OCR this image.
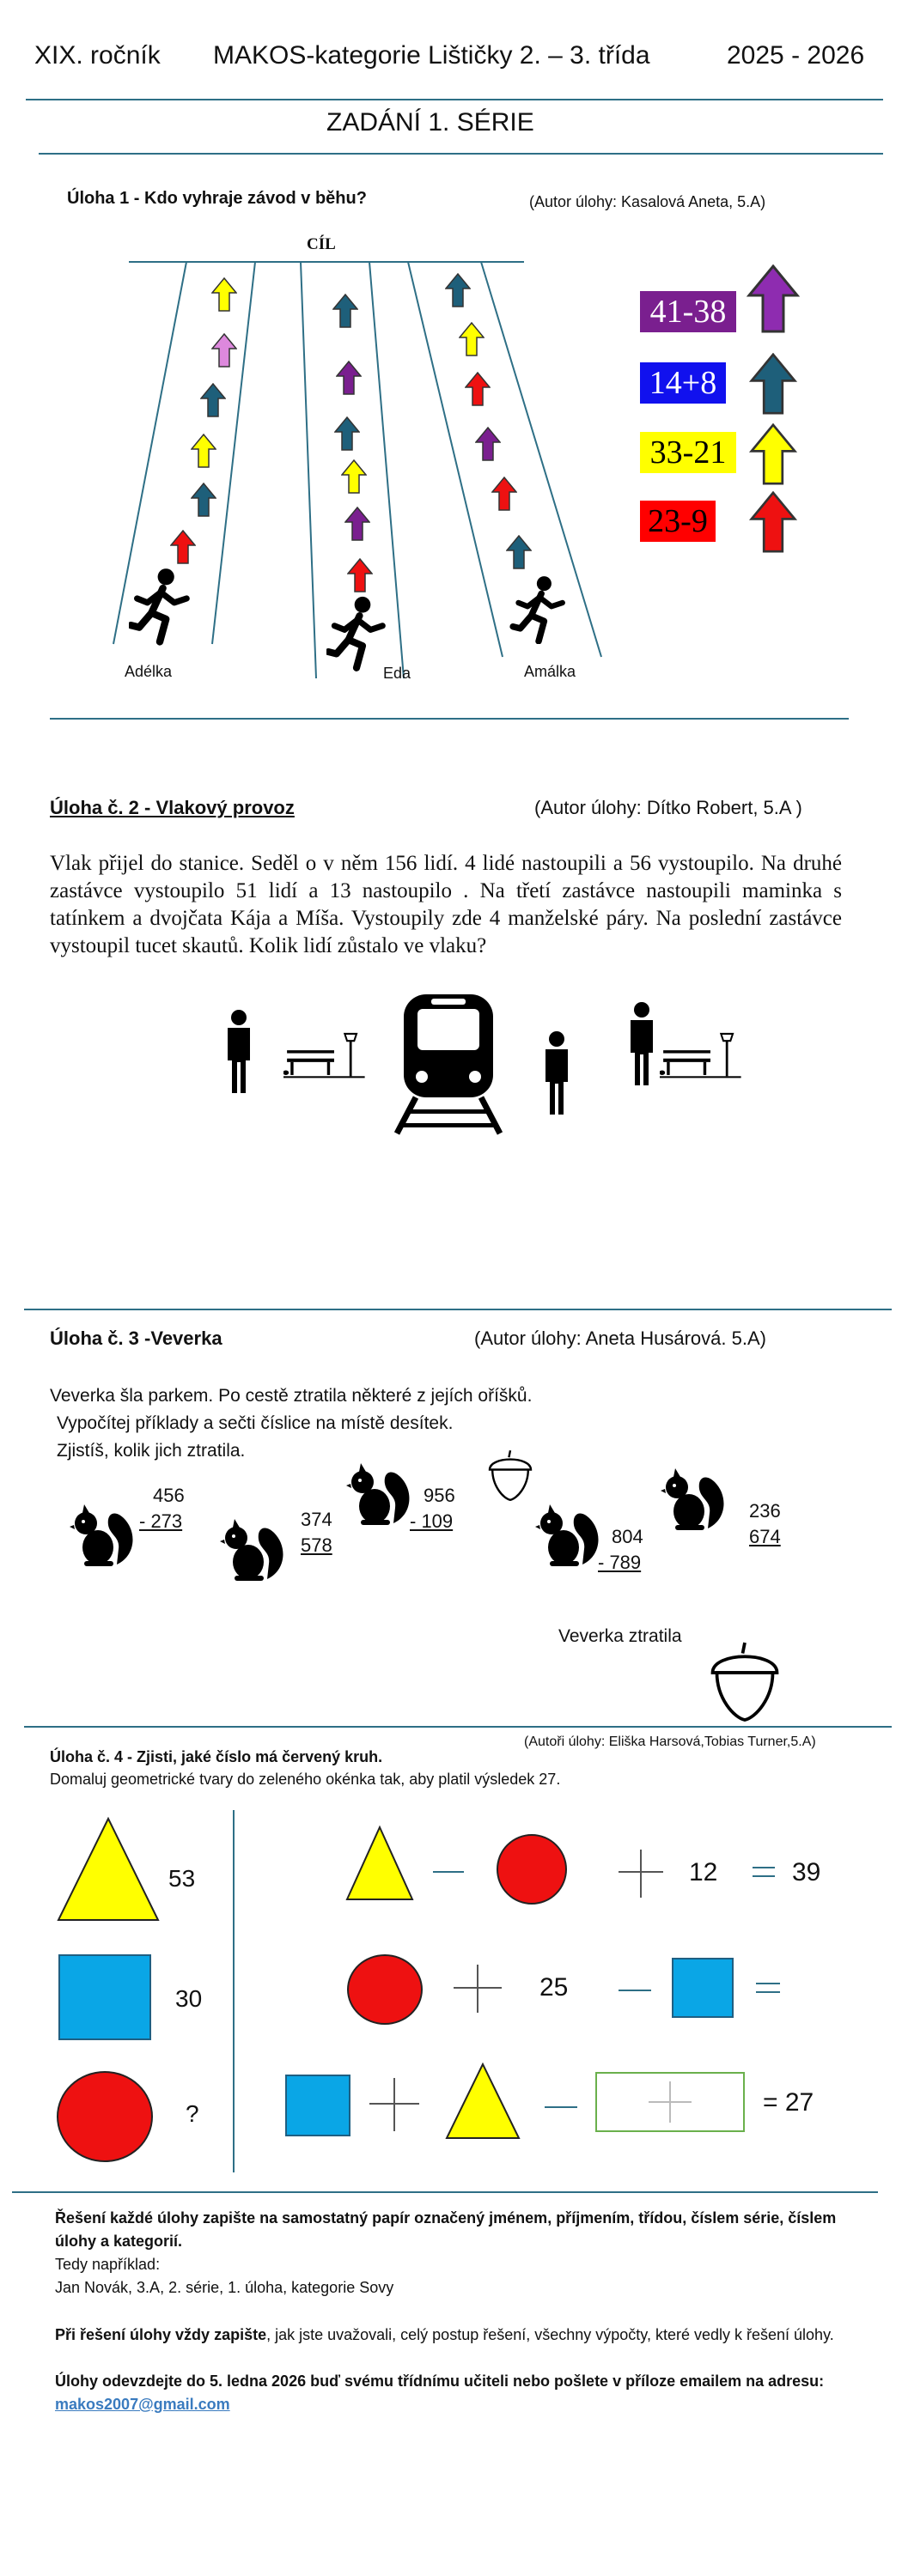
XIX. ročník MAKOS-kategorie Lištičky 2. – 3. třída	2025 - 2026
ZADÁNÍ 1. SÉRIE
Úloha 1 - Kdo vyhraje závod v běhu?	(Autor úlohy: Kasalová Aneta, 5.A)
CÍL
Adélka	Eda	Amálka
41-38
14+8
33-21
23-9
Úloha č. 2 - Vlakový provoz	(Autor úlohy: Dítko Robert, 5.A )
Vlak přijel do stanice. Seděl o v něm 156 lidí. 4 lidé nastoupili a 56 vystoupilo. Na druhé zastávce vystoupilo 51 lidí a 13 nastoupilo . Na třetí zastávce nastoupili maminka s tatínkem a dvojčata Kája a Míša. Vystoupily zde 4 manželské páry. Na poslední zastávce vystoupil tucet skautů. Kolik lidí zůstalo ve vlaku?
Úloha č. 3 -Veverka	(Autor úlohy: Aneta Husárová. 5.A)
Veverka šla parkem. Po cestě ztratila některé z jejích oříšků.
Vypočítej příklady a sečti číslice na místě desítek.
Zjistíš, kolik jich ztratila.
456
- 273	374
578
956
- 109
804
- 789
236
674
Veverka ztratila
(Autoři úlohy: Eliška Harsová,Tobias Turner,5.A)
Úloha č. 4 - Zjisti, jaké číslo má červený kruh.
Domaluj geometrické tvary do zeleného okénka tak, aby platil výsledek 27.
53
30
?
12	39
25
= 27
Řešení každé úlohy zapište na samostatný papír označený jménem, příjmením, třídou, číslem série, číslem úlohy a kategorií.
Tedy například:
Jan Novák, 3.A, 2. série, 1. úloha, kategorie Sovy
Při řešení úlohy vždy zapište, jak jste uvažovali, celý postup řešení, všechny výpočty, které vedly k řešení úlohy.
Úlohy odevzdejte do 5. ledna 2026 buď svému třídnímu učiteli nebo pošlete v příloze emailem na adresu: makos2007@gmail.com
